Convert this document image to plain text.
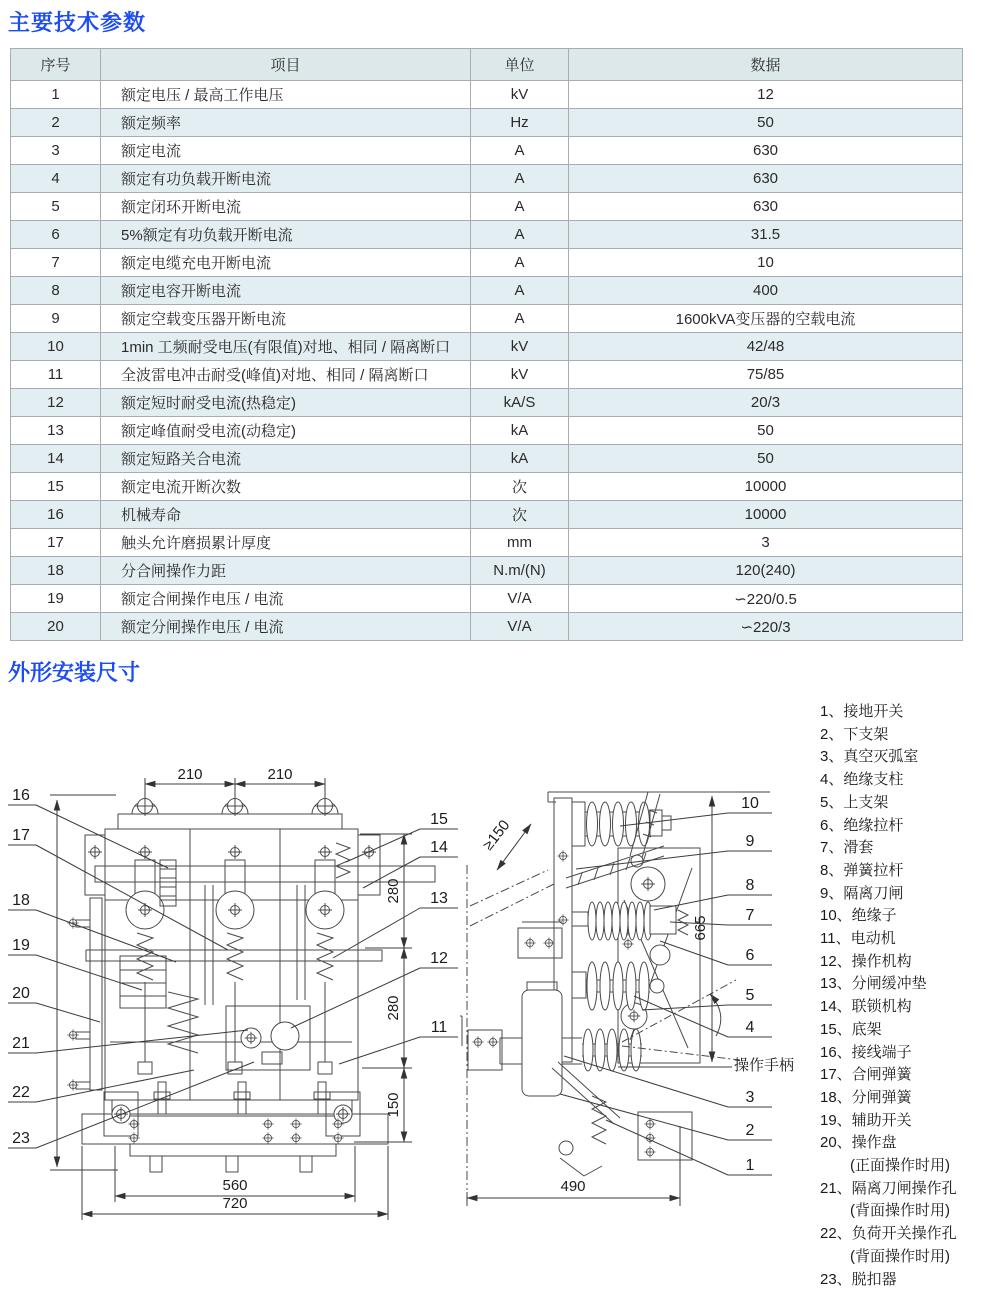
主要技术参数
序号	项目	单位	数据
1	额定电压 / 最高工作电压	kV	12
2	额定频率	Hz	50
3	额定电流	A	630
4	额定有功负载开断电流	A	630
5	额定闭环开断电流	A	630
6	5%额定有功负载开断电流	A	31.5
7	额定电缆充电开断电流	A	10
8	额定电容开断电流	A	400
9	额定空载变压器开断电流	A	1600kVA变压器的空载电流
10	1min 工频耐受电压(有限值)对地、相同 / 隔离断口	kV	42/48
11	全波雷电冲击耐受(峰值)对地、相同 / 隔离断口	kV	75/85
12	额定短时耐受电流(热稳定)	kA/S	20/3
13	额定峰值耐受电流(动稳定)	kA	50
14	额定短路关合电流	kA	50
15	额定电流开断次数	次	10000
16	机械寿命	次	10000
17	触头允许磨损累计厚度	mm	3
18	分合闸操作力距	N.m/(N)	120(240)
19	额定合闸操作电压 / 电流	V/A	∽220/0.5
20	额定分闸操作电压 / 电流	V/A	∽220/3
外形安装尺寸
210	210
280
280
150
560
720
16
17
18
19
20
21
22
23
15
14
13
12
11
≥150
665
490
操作手柄
10
9
8
7
6
5
4
3
2
1
1、接地开关
2、下支架
3、真空灭弧室
4、绝缘支柱
5、上支架
6、绝缘拉杆
7、滑套
8、弹簧拉杆
9、隔离刀闸
10、绝缘子
11、电动机
12、操作机构
13、分闸缓冲垫
14、联锁机构
15、底架
16、接线端子
17、合闸弹簧
18、分闸弹簧
19、辅助开关
20、操作盘
(正面操作时用)
21、隔离刀闸操作孔
(背面操作时用)
22、负荷开关操作孔
(背面操作时用)
23、脱扣器
